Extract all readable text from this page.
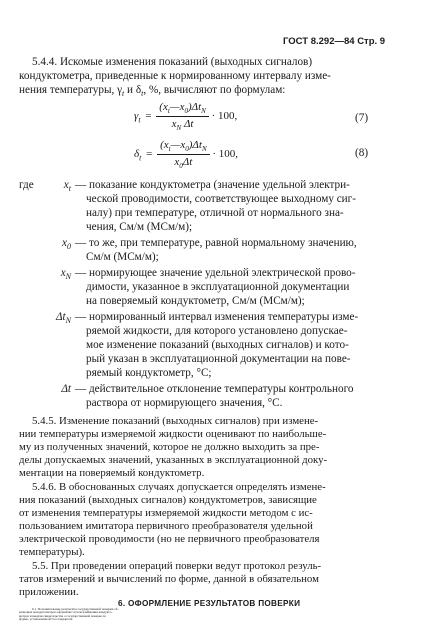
ГОСТ 8.292—84 Стр. 9
5.4.4. Искомые изменения показаний (выходных сигналов)
кондуктометра, приведенные к нормированному интервалу изме-
нения температуры, $\gamma_t$ и $\delta_t$, %, вычисляют по формулам:
$\gamma_t = \frac{(x_t—x_0)\Delta t_N}{x_N \Delta t} \cdot 100$,	(7)
$\delta_t = \frac{(x_t—x_0)\Delta t_N}{x_0\Delta t} \cdot 100$,	(8)
где	$x_t$ — показание кондуктометра (значение удельной электри-
ческой проводимости, соответствующее выходному сиг-
налу) при температуре, отличной от нормального зна-
чения, См/м (МСм/м);
$x_0$ — то же, при температуре, равной нормальному значению,
См/м (МСм/м);
$x_N$ — нормирующее значение удельной электрической прово-
димости, указанное в эксплуатационной документации
на поверяемый кондуктометр, См/м (МСм/м);
$\Delta t_N$ — нормированный интервал изменения температуры изме-
ряемой жидкости, для которого установлено допускае-
мое изменение показаний (выходных сигналов) и кото-
рый указан в эксплуатационной документации на пове-
ряемый кондуктометр, °С;
Δt — действительное отклонение температуры контрольного
раствора от нормирующего значения, °С.
5.4.5. Изменение показаний (выходных сигналов) при измене-
нии температуры измеряемой жидкости оценивают по наибольше-
му из полученных значений, которое не должно выходить за пре-
делы допускаемых значений, указанных в эксплуатационной доку-
ментации на поверяемый кондуктометр.
5.4.6. В обоснованных случаях допускается определять измене-
ния показаний (выходных сигналов) кондуктометров, зависящие
от изменения температуры измеряемой жидкости методом с ис-
пользованием имитатора первичного преобразователя удельной
электрической проводимости (но не первичного преобразователя
температуры).
5.5. При проведении операций поверки ведут протокол резуль-
татов измерений и вычислений по форме, данной в обязательном
приложении.
6. ОФОРМЛЕНИЕ РЕЗУЛЬТАТОВ ПОВЕРКИ
6.1. Положительные результаты государственной поверки об-
разцовых кондуктометров оформляют путем клеймения кондукто-
метров и выдачи свидетельства о государственной поверке по
форме, установленной Госстандартом.
